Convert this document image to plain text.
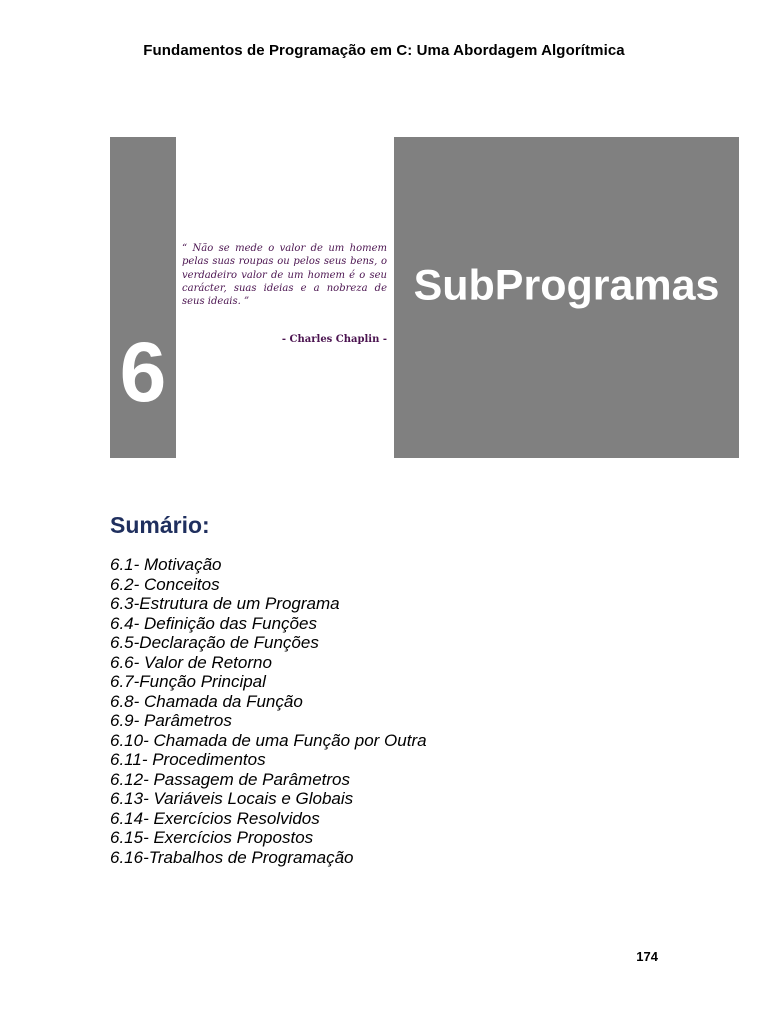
Fundamentos de Programação em C: Uma Abordagem Algorítmica
6
“ Não se mede o valor de um homem pelas suas roupas ou pelos seus bens, o verdadeiro valor de um homem é o seu carácter, suas ideias e a nobreza de seus ideais. ”
- Charles Chaplin -
SubProgramas
Sumário:
6.1- Motivação
6.2- Conceitos
6.3-Estrutura de um Programa
6.4- Definição das Funções
6.5-Declaração de Funções
6.6- Valor de Retorno
6.7-Função Principal
6.8- Chamada da Função
6.9- Parâmetros
6.10- Chamada de uma Função por Outra
6.11- Procedimentos
6.12- Passagem de Parâmetros
6.13- Variáveis Locais e Globais
6.14- Exercícios Resolvidos
6.15- Exercícios Propostos
6.16-Trabalhos de Programação
174
